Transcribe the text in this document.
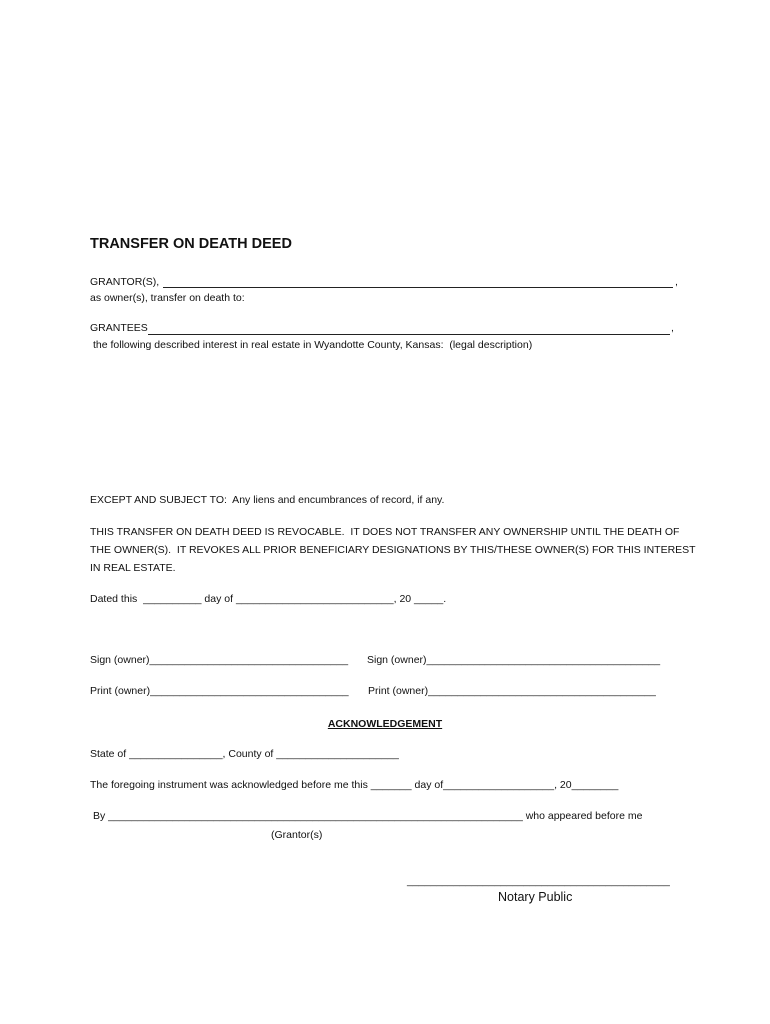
TRANSFER ON DEATH DEED
GRANTOR(S),	,
as owner(s), transfer on death to:
GRANTEES	,
the following described interest in real estate in Wyandotte County, Kansas:  (legal description)
EXCEPT AND SUBJECT TO:  Any liens and encumbrances of record, if any.
THIS TRANSFER ON DEATH DEED IS REVOCABLE.  IT DOES NOT TRANSFER ANY OWNERSHIP UNTIL THE DEATH OF
THE OWNER(S).  IT REVOKES ALL PRIOR BENEFICIARY DESIGNATIONS BY THIS/THESE OWNER(S) FOR THIS INTEREST
IN REAL ESTATE.
Dated this  __________ day of ___________________________, 20 _____.
Sign (owner)__________________________________ Sign (owner)________________________________________
Print (owner)__________________________________ Print (owner)_______________________________________
ACKNOWLEDGEMENT
State of ________________, County of _____________________
The foregoing instrument was acknowledged before me this _______ day of___________________, 20________
By _______________________________________________________________________ who appeared before me
(Grantor(s)
_____________________________________________
Notary Public
